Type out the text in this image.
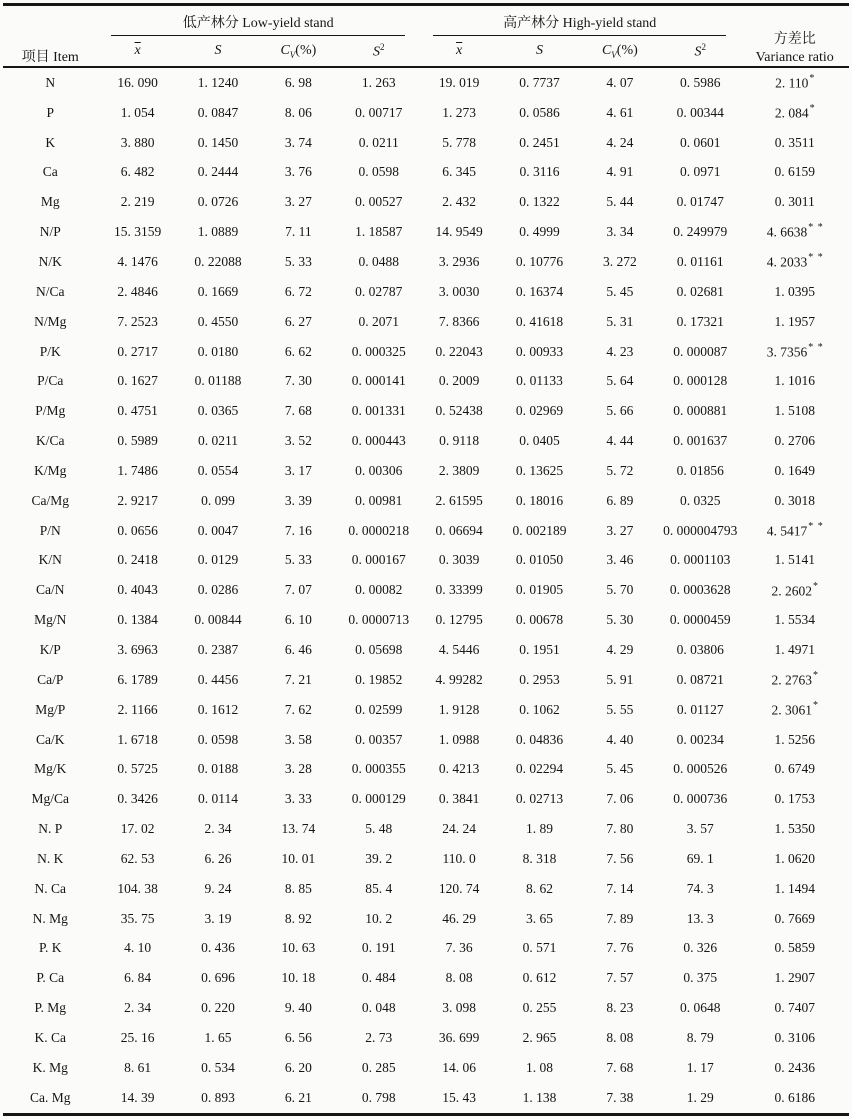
项目 Item	低产林分 Low-yield stand				高产林分 High-yield stand				方差比
Variance ratio

	$\overline{x}$	S	$C_V(\%)$	$S^2$	$\overline{x}$	S	$C_V(\%)$	$S^2$
N	16. 090	1. 1240	6. 98	1. 263	19. 019	0. 7737	4. 07	0. 5986	2. 110*
P	1. 054	0. 0847	8. 06	0. 00717	1. 273	0. 0586	4. 61	0. 00344	2. 084*
K	3. 880	0. 1450	3. 74	0. 0211	5. 778	0. 2451	4. 24	0. 0601	0. 3511
Ca	6. 482	0. 2444	3. 76	0. 0598	6. 345	0. 3116	4. 91	0. 0971	0. 6159
Mg	2. 219	0. 0726	3. 27	0. 00527	2. 432	0. 1322	5. 44	0. 01747	0. 3011
N/P	15. 3159	1. 0889	7. 11	1. 18587	14. 9549	0. 4999	3. 34	0. 249979	4. 6638* *
N/K	4. 1476	0. 22088	5. 33	0. 0488	3. 2936	0. 10776	3. 272	0. 01161	4. 2033* *
N/Ca	2. 4846	0. 1669	6. 72	0. 02787	3. 0030	0. 16374	5. 45	0. 02681	1. 0395
N/Mg	7. 2523	0. 4550	6. 27	0. 2071	7. 8366	0. 41618	5. 31	0. 17321	1. 1957
P/K	0. 2717	0. 0180	6. 62	0. 000325	0. 22043	0. 00933	4. 23	0. 000087	3. 7356* *
P/Ca	0. 1627	0. 01188	7. 30	0. 000141	0. 2009	0. 01133	5. 64	0. 000128	1. 1016
P/Mg	0. 4751	0. 0365	7. 68	0. 001331	0. 52438	0. 02969	5. 66	0. 000881	1. 5108
K/Ca	0. 5989	0. 0211	3. 52	0. 000443	0. 9118	0. 0405	4. 44	0. 001637	0. 2706
K/Mg	1. 7486	0. 0554	3. 17	0. 00306	2. 3809	0. 13625	5. 72	0. 01856	0. 1649
Ca/Mg	2. 9217	0. 099	3. 39	0. 00981	2. 61595	0. 18016	6. 89	0. 0325	0. 3018
P/N	0. 0656	0. 0047	7. 16	0. 0000218	0. 06694	0. 002189	3. 27	0. 000004793	4. 5417* *
K/N	0. 2418	0. 0129	5. 33	0. 000167	0. 3039	0. 01050	3. 46	0. 0001103	1. 5141
Ca/N	0. 4043	0. 0286	7. 07	0. 00082	0. 33399	0. 01905	5. 70	0. 0003628	2. 2602*
Mg/N	0. 1384	0. 00844	6. 10	0. 0000713	0. 12795	0. 00678	5. 30	0. 0000459	1. 5534
K/P	3. 6963	0. 2387	6. 46	0. 05698	4. 5446	0. 1951	4. 29	0. 03806	1. 4971
Ca/P	6. 1789	0. 4456	7. 21	0. 19852	4. 99282	0. 2953	5. 91	0. 08721	2. 2763*
Mg/P	2. 1166	0. 1612	7. 62	0. 02599	1. 9128	0. 1062	5. 55	0. 01127	2. 3061*
Ca/K	1. 6718	0. 0598	3. 58	0. 00357	1. 0988	0. 04836	4. 40	0. 00234	1. 5256
Mg/K	0. 5725	0. 0188	3. 28	0. 000355	0. 4213	0. 02294	5. 45	0. 000526	0. 6749
Mg/Ca	0. 3426	0. 0114	3. 33	0. 000129	0. 3841	0. 02713	7. 06	0. 000736	0. 1753
N. P	17. 02	2. 34	13. 74	5. 48	24. 24	1. 89	7. 80	3. 57	1. 5350
N. K	62. 53	6. 26	10. 01	39. 2	110. 0	8. 318	7. 56	69. 1	1. 0620
N. Ca	104. 38	9. 24	8. 85	85. 4	120. 74	8. 62	7. 14	74. 3	1. 1494
N. Mg	35. 75	3. 19	8. 92	10. 2	46. 29	3. 65	7. 89	13. 3	0. 7669
P. K	4. 10	0. 436	10. 63	0. 191	7. 36	0. 571	7. 76	0. 326	0. 5859
P. Ca	6. 84	0. 696	10. 18	0. 484	8. 08	0. 612	7. 57	0. 375	1. 2907
P. Mg	2. 34	0. 220	9. 40	0. 048	3. 098	0. 255	8. 23	0. 0648	0. 7407
K. Ca	25. 16	1. 65	6. 56	2. 73	36. 699	2. 965	8. 08	8. 79	0. 3106
K. Mg	8. 61	0. 534	6. 20	0. 285	14. 06	1. 08	7. 68	1. 17	0. 2436
Ca. Mg	14. 39	0. 893	6. 21	0. 798	15. 43	1. 138	7. 38	1. 29	0. 6186
